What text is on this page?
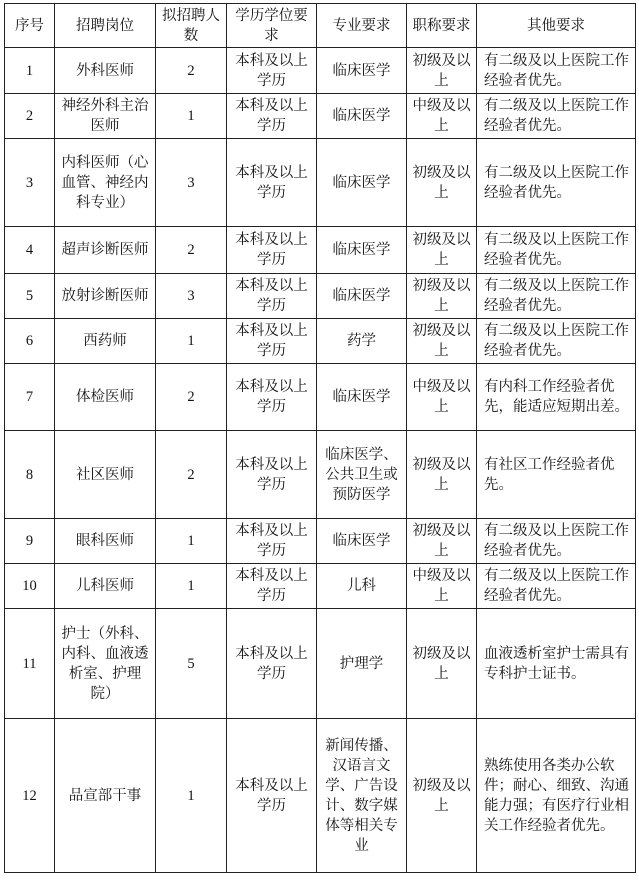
序号	招聘岗位	拟招聘人数	学历学位要求	专业要求	职称要求	其他要求
1	外科医师	2	本科及以上学历	临床医学	初级及以上	有二级及以上医院工作经验者优先。
2	神经外科主治医师	1	本科及以上学历	临床医学	中级及以上	有二级及以上医院工作经验者优先。
3	内科医师（心血管、神经内科专业）	3	本科及以上学历	临床医学	初级及以上	有二级及以上医院工作经验者优先。
4	超声诊断医师	2	本科及以上学历	临床医学	初级及以上	有二级及以上医院工作经验者优先。
5	放射诊断医师	3	本科及以上学历	临床医学	初级及以上	有二级及以上医院工作经验者优先。
6	西药师	1	本科及以上学历	药学	初级及以上	有二级及以上医院工作经验者优先。
7	体检医师	2	本科及以上学历	临床医学	中级及以上	有内科工作经验者优先，能适应短期出差。
8	社区医师	2	本科及以上学历	临床医学、公共卫生或预防医学	初级及以上	有社区工作经验者优先。
9	眼科医师	1	本科及以上学历	临床医学	初级及以上	有二级及以上医院工作经验者优先。
10	儿科医师	1	本科及以上学历	儿科	中级及以上	有二级及以上医院工作经验者优先。
11	护士（外科、内科、血液透析室、护理院）	5	本科及以上学历	护理学	初级及以上	血液透析室护士需具有专科护士证书。
12	品宣部干事	1	本科及以上学历	新闻传播、汉语言文学、广告设计、数字媒体等相关专业	初级及以上	熟练使用各类办公软件；耐心、细致、沟通能力强；有医疗行业相关工作经验者优先。
